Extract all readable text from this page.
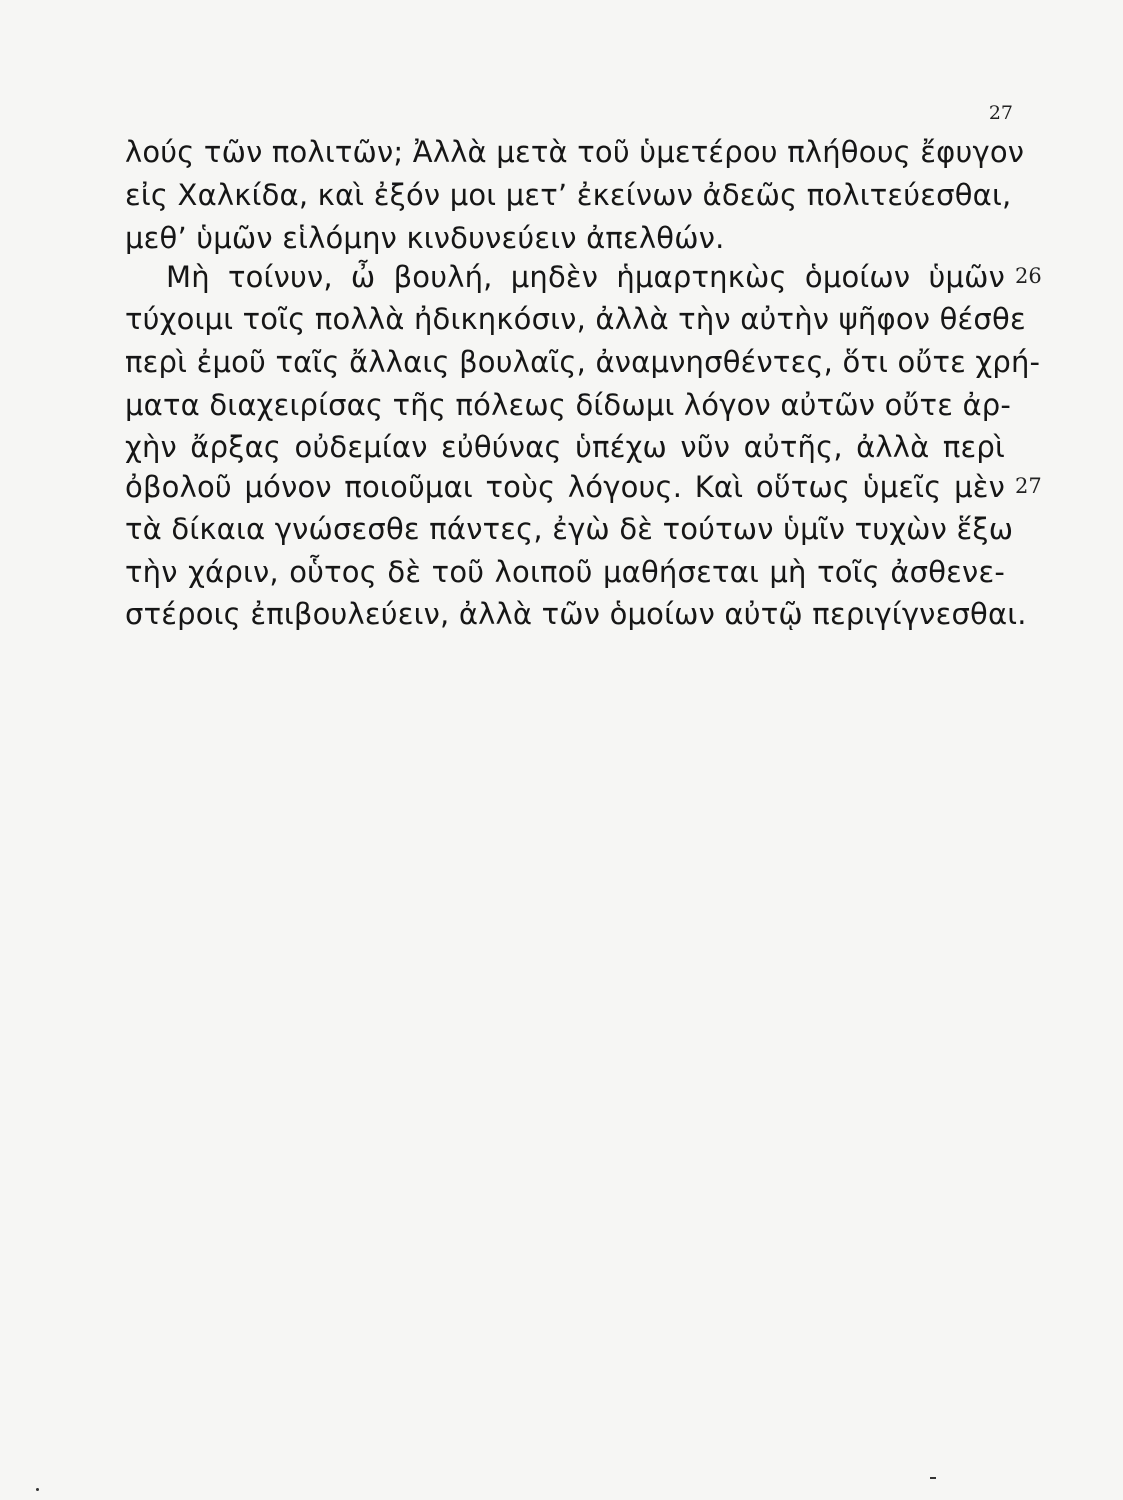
27
λούς τῶν πολιτῶν; Ἀλλὰ μετὰ τοῦ ὑμετέρου πλήθους ἔφυγον
εἰς Χαλκίδα, καὶ ἐξόν μοι μετ’ ἐκείνων ἀδεῶς πολιτεύεσθαι,
μεθ’ ὑμῶν εἱλόμην κινδυνεύειν ἀπελθών.
Μὴ τοίνυν, ὦ βουλή, μηδὲν ἡμαρτηκὼς ὁμοίων ὑμῶν 26
τύχοιμι τοῖς πολλὰ ἠδικηκόσιν, ἀλλὰ τὴν αὐτὴν ψῆφον θέσθε
περὶ ἐμοῦ ταῖς ἄλλαις βουλαῖς, ἀναμνησθέντες, ὅτι οὔτε χρή-
ματα διαχειρίσας τῆς πόλεως δίδωμι λόγον αὐτῶν οὔτε ἀρ-
χὴν ἄρξας οὐδεμίαν εὐθύνας ὑπέχω νῦν αὐτῆς, ἀλλὰ περὶ
ὀβολοῦ μόνον ποιοῦμαι τοὺς λόγους. Καὶ οὕτως ὑμεῖς μὲν 27
τὰ δίκαια γνώσεσθε πάντες, ἐγὼ δὲ τούτων ὑμῖν τυχὼν ἕξω
τὴν χάριν, οὗτος δὲ τοῦ λοιποῦ μαθήσεται μὴ τοῖς ἀσθενε-
στέροις ἐπιβουλεύειν, ἀλλὰ τῶν ὁμοίων αὐτῷ περιγίγνεσθαι.
